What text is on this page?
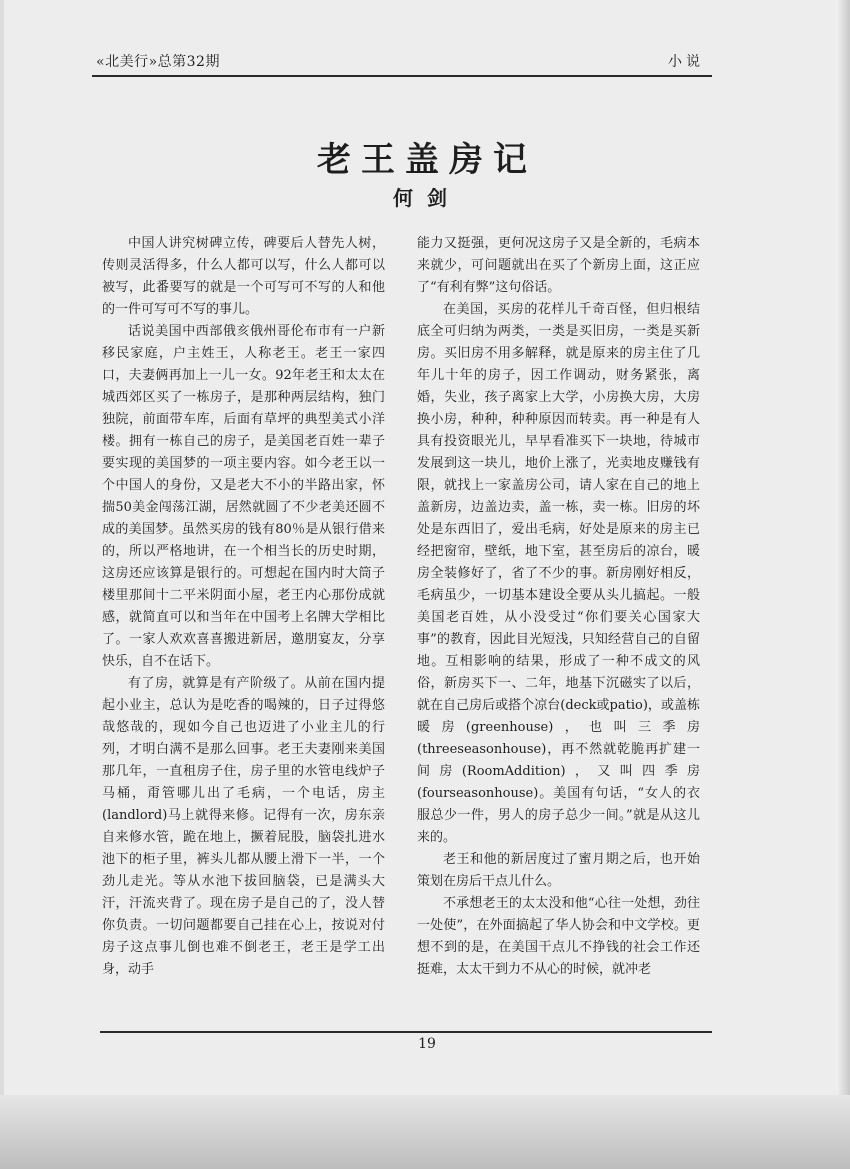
«北美行»总第32期	小说
老王盖房记
何剑

中国人讲究树碑立传，碑要后人替先人树，传则灵活得多，什么人都可以写，什么人都可以被写，此番要写的就是一个可写可不写的人和他的一件可写可不写的事儿。

话说美国中西部俄亥俄州哥伦布市有一户新移民家庭，户主姓王，人称老王。老王一家四口，夫妻俩再加上一儿一女。92年老王和太太在城西郊区买了一栋房子，是那种两层结构，独门独院，前面带车库，后面有草坪的典型美式小洋楼。拥有一栋自己的房子，是美国老百姓一辈子要实现的美国梦的一项主要内容。如今老王以一个中国人的身份，又是老大不小的半路出家，怀揣50美金闯荡江湖，居然就圆了不少老美还圆不成的美国梦。虽然买房的钱有80％是从银行借来的，所以严格地讲，在一个相当长的历史时期，这房还应该算是银行的。可想起在国内时大筒子楼里那间十二平米阴面小屋，老王内心那份成就感，就简直可以和当年在中国考上名牌大学相比了。一家人欢欢喜喜搬进新居，邀朋宴友，分享快乐，自不在话下。

有了房，就算是有产阶级了。从前在国内提起小业主，总认为是吃香的喝辣的，日子过得悠哉悠哉的，现如今自己也迈进了小业主儿的行列，才明白满不是那么回事。老王夫妻刚来美国那几年，一直租房子住，房子里的水管电线炉子马桶，甭管哪儿出了毛病，一个电话，房主(landlord)马上就得来修。记得有一次，房东亲自来修水管，跪在地上，撅着屁股，脑袋扎进水池下的柜子里，裤头儿都从腰上滑下一半，一个劲儿走光。等从水池下拔回脑袋，已是满头大汗，汗流夹背了。现在房子是自己的了，没人替你负责。一切问题都要自己挂在心上，按说对付房子这点事儿倒也难不倒老王，老王是学工出身，动手

能力又挺强，更何况这房子又是全新的，毛病本来就少，可问题就出在买了个新房上面，这正应了“有利有弊”这句俗话。

在美国，买房的花样儿千奇百怪，但归根结底全可归纳为两类，一类是买旧房，一类是买新房。买旧房不用多解释，就是原来的房主住了几年儿十年的房子，因工作调动，财务紧张，离婚，失业，孩子离家上大学，小房换大房，大房换小房，种种，种种原因而转卖。再一种是有人具有投资眼光儿，早早看准买下一块地，待城市发展到这一块儿，地价上涨了，光卖地皮赚钱有限，就找上一家盖房公司，请人家在自己的地上盖新房，边盖边卖，盖一栋，卖一栋。旧房的坏处是东西旧了，爱出毛病，好处是原来的房主已经把窗帘，壁纸，地下室，甚至房后的凉台，暖房全装修好了，省了不少的事。新房刚好相反，毛病虽少，一切基本建设全要从头儿搞起。一般美国老百姓，从小没受过“你们要关心国家大事”的教育，因此目光短浅，只知经营自己的自留地。互相影响的结果，形成了一种不成文的风俗，新房买下一、二年，地基下沉磁实了以后，就在自己房后或搭个凉台(deck或patio)，或盖栋暖房(greenhouse)，也叫三季房(threeseasonhouse)，再不然就乾脆再扩建一间房(RoomAddition)，又叫四季房(fourseasonhouse)。美国有句话，“女人的衣服总少一件，男人的房子总少一间。”就是从这儿来的。

老王和他的新居度过了蜜月期之后，也开始策划在房后干点儿什么。

不承想老王的太太没和他“心往一处想，劲往一处使”，在外面搞起了华人协会和中文学校。更想不到的是，在美国干点儿不挣钱的社会工作还挺难，太太干到力不从心的时候，就冲老

19
